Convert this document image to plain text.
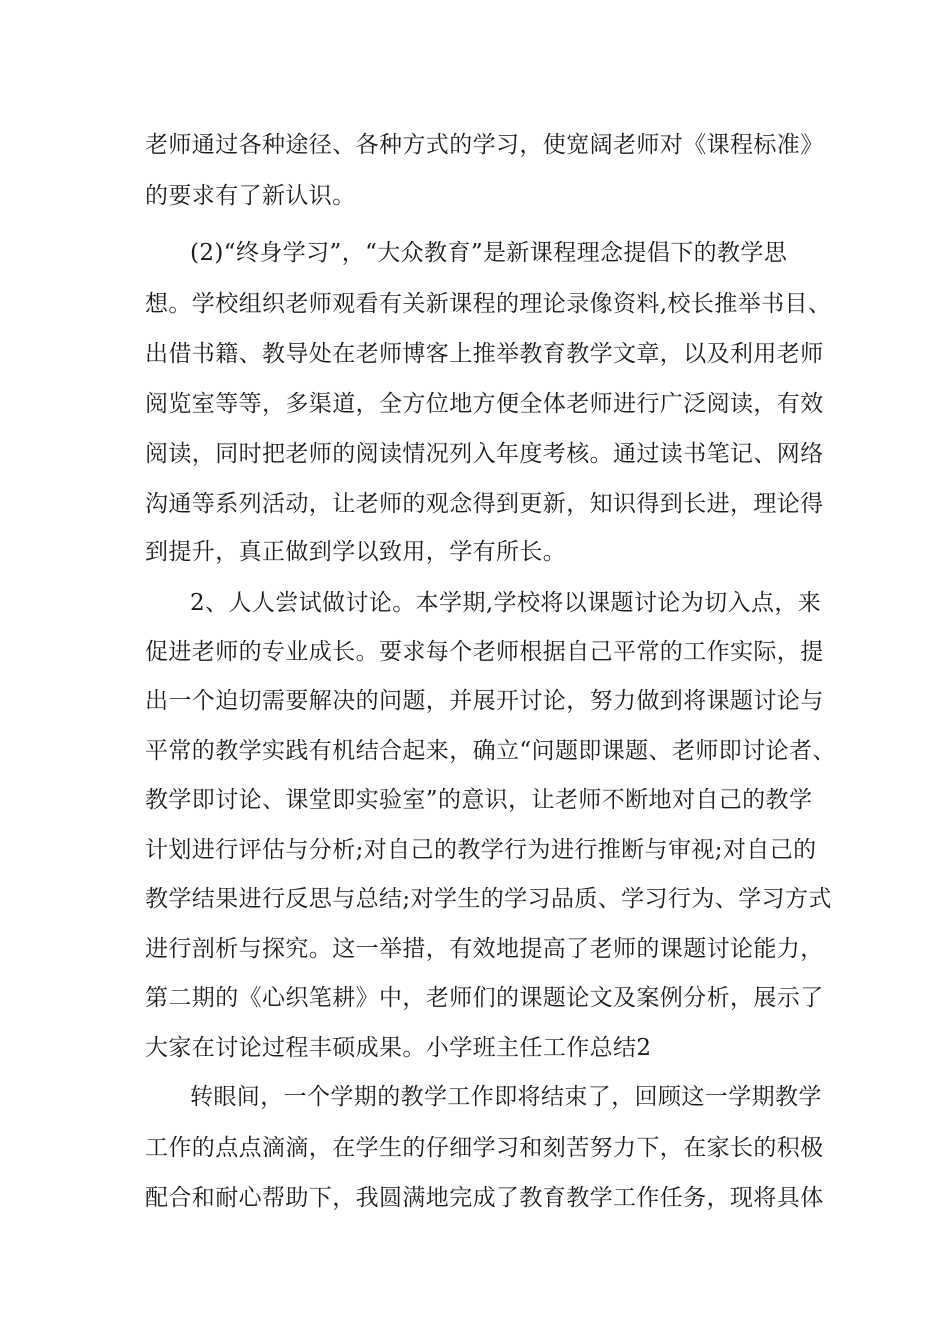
老师通过各种途径、各种方式的学习，使宽阔老师对《课程标准》
的要求有了新认识。
(2)“终身学习”，“大众教育”是新课程理念提倡下的教学思
想。学校组织老师观看有关新课程的理论录像资料,校长推举书目、
出借书籍、教导处在老师博客上推举教育教学文章，以及利用老师
阅览室等等，多渠道，全方位地方便全体老师进行广泛阅读，有效
阅读，同时把老师的阅读情况列入年度考核。通过读书笔记、网络
沟通等系列活动，让老师的观念得到更新，知识得到长进，理论得
到提升，真正做到学以致用，学有所长。
2、人人尝试做讨论。本学期,学校将以课题讨论为切入点，来
促进老师的专业成长。要求每个老师根据自己平常的工作实际，提
出一个迫切需要解决的问题，并展开讨论，努力做到将课题讨论与
平常的教学实践有机结合起来，确立“问题即课题、老师即讨论者、
教学即讨论、课堂即实验室”的意识，让老师不断地对自己的教学
计划进行评估与分析;对自己的教学行为进行推断与审视;对自己的
教学结果进行反思与总结;对学生的学习品质、学习行为、学习方式
进行剖析与探究。这一举措，有效地提高了老师的课题讨论能力，
第二期的《心织笔耕》中，老师们的课题论文及案例分析，展示了
大家在讨论过程丰硕成果。小学班主任工作总结2
转眼间，一个学期的教学工作即将结束了，回顾这一学期教学
工作的点点滴滴，在学生的仔细学习和刻苦努力下，在家长的积极
配合和耐心帮助下，我圆满地完成了教育教学工作任务，现将具体
